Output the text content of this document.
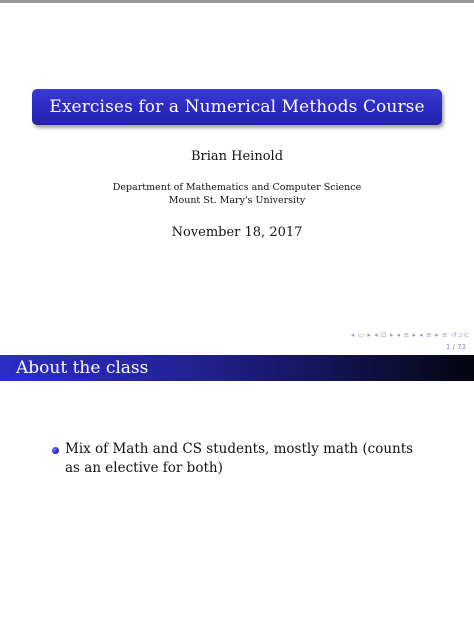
Exercises for a Numerical Methods Course
Brian Heinold
Department of Mathematics and Computer Science
Mount St. Mary's University
November 18, 2017
◂ ▭ ▸ ◂ ⊡ ▸ ◂ ≡ ▸ ◂ ≡ ▸ ≡ ↺⊃⊂
1 / 73
About the class
Mix of Math and CS students, mostly math (counts as an elective for both)
